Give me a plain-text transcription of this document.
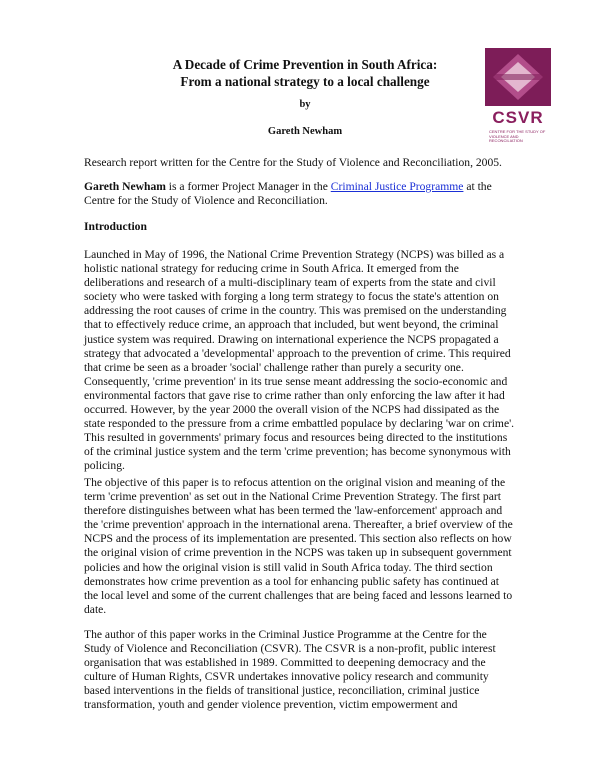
A Decade of Crime Prevention in South Africa:
From a national strategy to a local challenge
by
Gareth Newham
CSVR
CENTRE FOR THE STUDY OF VIOLENCE AND RECONCILIATION

Research report written for the Centre for the Study of Violence and Reconciliation, 2005.

Gareth Newham is a former Project Manager in the Criminal Justice Programme at the Centre for the Study of Violence and Reconciliation.

Introduction

Launched in May of 1996, the National Crime Prevention Strategy (NCPS) was billed as a holistic national strategy for reducing crime in South Africa. It emerged from the deliberations and research of a multi-disciplinary team of experts from the state and civil society who were tasked with forging a long term strategy to focus the state's attention on addressing the root causes of crime in the country. This was premised on the understanding that to effectively reduce crime, an approach that included, but went beyond, the criminal justice system was required. Drawing on international experience the NCPS propagated a strategy that advocated a 'developmental' approach to the prevention of crime. This required that crime be seen as a broader 'social' challenge rather than purely a security one. Consequently, 'crime prevention' in its true sense meant addressing the socio-economic and environmental factors that gave rise to crime rather than only enforcing the law after it had occurred. However, by the year 2000 the overall vision of the NCPS had dissipated as the state responded to the pressure from a crime embattled populace by declaring 'war on crime'. This resulted in governments' primary focus and resources being directed to the institutions of the criminal justice system and the term 'crime prevention; has become synonymous with policing.

The objective of this paper is to refocus attention on the original vision and meaning of the term 'crime prevention' as set out in the National Crime Prevention Strategy. The first part therefore distinguishes between what has been termed the 'law-enforcement' approach and the 'crime prevention' approach in the international arena. Thereafter, a brief overview of the NCPS and the process of its implementation are presented. This section also reflects on how the original vision of crime prevention in the NCPS was taken up in subsequent government policies and how the original vision is still valid in South Africa today. The third section demonstrates how crime prevention as a tool for enhancing public safety has continued at the local level and some of the current challenges that are being faced and lessons learned to date.

The author of this paper works in the Criminal Justice Programme at the Centre for the Study of Violence and Reconciliation (CSVR). The CSVR is a non-profit, public interest organisation that was established in 1989. Committed to deepening democracy and the culture of Human Rights, CSVR undertakes innovative policy research and community based interventions in the fields of transitional justice, reconciliation, criminal justice transformation, youth and gender violence prevention, victim empowerment and
